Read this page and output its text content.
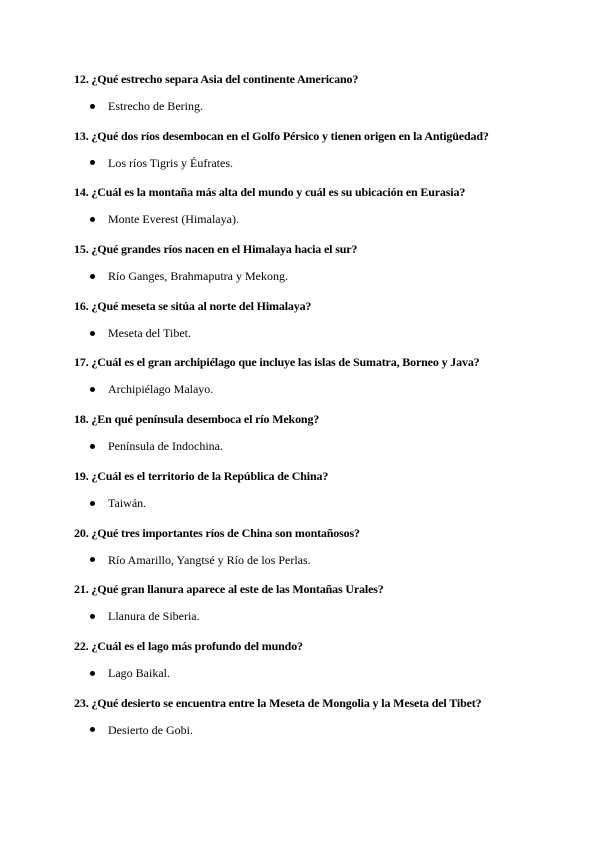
12. ¿Qué estrecho separa Asia del continente Americano?
Estrecho de Bering.
13. ¿Qué dos ríos desembocan en el Golfo Pérsico y tienen origen en la Antigüedad?
Los ríos Tigris y Éufrates.
14. ¿Cuál es la montaña más alta del mundo y cuál es su ubicación en Eurasia?
Monte Everest (Himalaya).
15. ¿Qué grandes ríos nacen en el Himalaya hacia el sur?
Río Ganges, Brahmaputra y Mekong.
16. ¿Qué meseta se sitúa al norte del Himalaya?
Meseta del Tibet.
17. ¿Cuál es el gran archipiélago que incluye las islas de Sumatra, Borneo y Java?
Archipiélago Malayo.
18. ¿En qué península desemboca el río Mekong?
Península de Indochina.
19. ¿Cuál es el territorio de la República de China?
Taiwán.
20. ¿Qué tres importantes ríos de China son montañosos?
Río Amarillo, Yangtsé y Río de los Perlas.
21. ¿Qué gran llanura aparece al este de las Montañas Urales?
Llanura de Siberia.
22. ¿Cuál es el lago más profundo del mundo?
Lago Baikal.
23. ¿Qué desierto se encuentra entre la Meseta de Mongolia y la Meseta del Tibet?
Desierto de Gobi.
